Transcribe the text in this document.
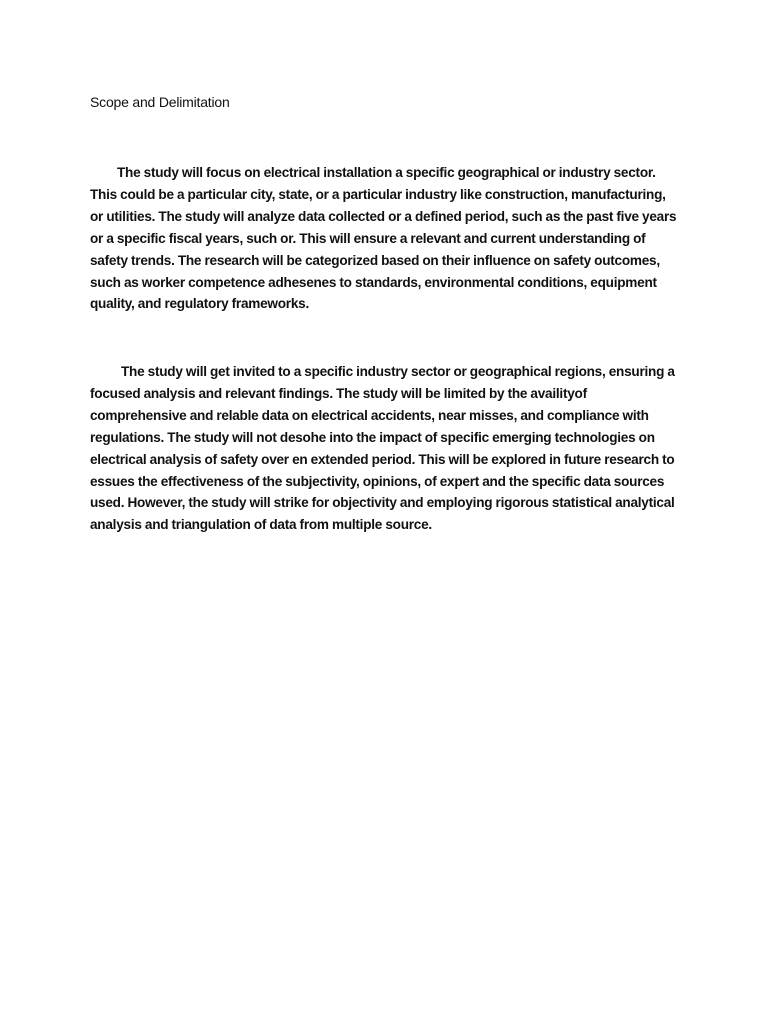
Scope and Delimitation

The study will focus on electrical installation a specific geographical or industry sector. This could be a particular city, state, or a particular industry like construction, manufacturing, or utilities. The study will analyze data collected or a defined period, such as the past five years or a specific fiscal years, such or. This will ensure a relevant and current understanding of safety trends. The research will be categorized based on their influence on safety outcomes, such as worker competence adhesenes to standards, environmental conditions, equipment quality, and regulatory frameworks.

The study will get invited to a specific industry sector or geographical regions, ensuring a focused analysis and relevant findings. The study will be limited by the availityof comprehensive and relable data on electrical accidents, near misses, and compliance with regulations. The study will not desohe into the impact of specific emerging technologies on electrical analysis of safety over en extended period. This will be explored in future research to essues the effectiveness of the subjectivity, opinions, of expert and the specific data sources used. However, the study will strike for objectivity and employing rigorous statistical analytical analysis and triangulation of data from multiple source.
